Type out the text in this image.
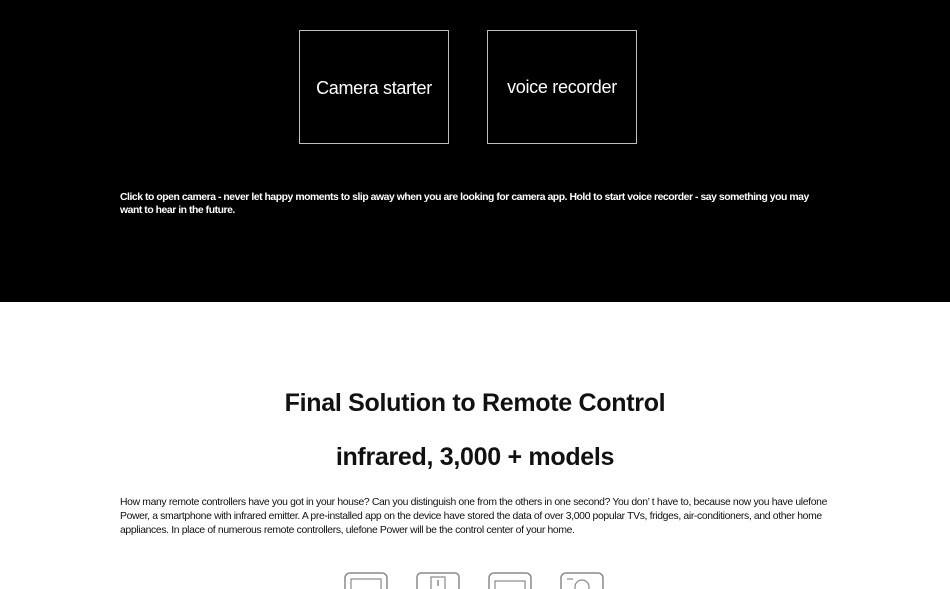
Camera starter	voice recorder

Click to open camera - never let happy moments to slip away when you are looking for camera app. Hold to start voice recorder - say something you may want to hear in the future.

Final Solution to Remote Control
infrared, 3,000 + models

How many remote controllers have you got in your house? Can you distinguish one from the others in one second? You don’ t have to, because now you have ulefone Power, a smartphone with infrared emitter. A pre-installed app on the device have stored the data of over 3,000 popular TVs, fridges, air-conditioners, and other home appliances. In place of numerous remote controllers, ulefone Power will be the control center of your home.
